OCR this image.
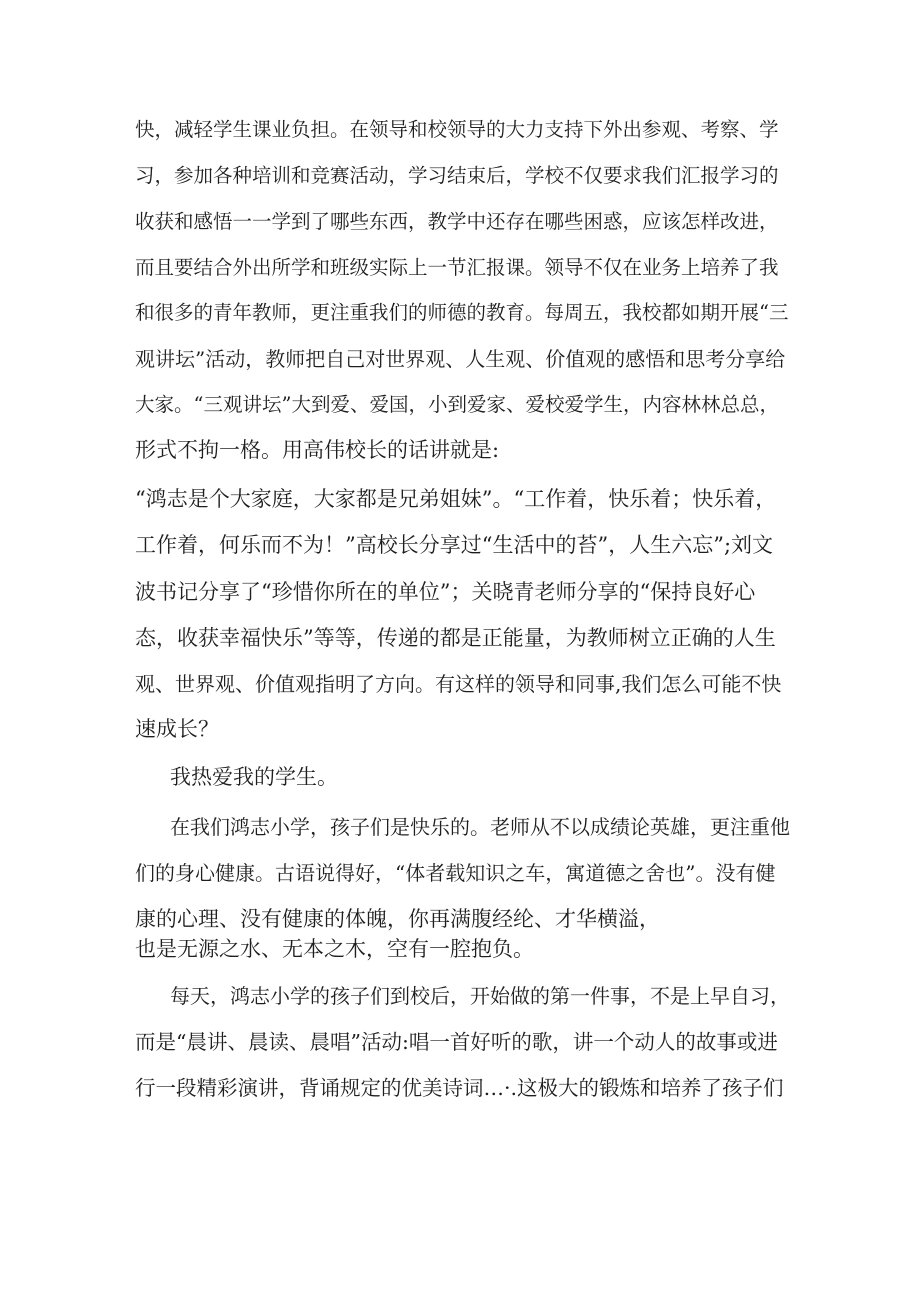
快，减轻学生课业负担。在领导和校领导的大力支持下外出参观、考察、学

习，参加各种培训和竞赛活动，学习结束后，学校不仅要求我们汇报学习的

收获和感悟一一学到了哪些东西，教学中还存在哪些困惑，应该怎样改进，

而且要结合外出所学和班级实际上一节汇报课。领导不仅在业务上培养了我

和很多的青年教师，更注重我们的师德的教育。每周五，我校都如期开展“三

观讲坛”活动，教师把自己对世界观、人生观、价值观的感悟和思考分享给

大家。“三观讲坛”大到爱、爱国，小到爱家、爱校爱学生，内容林林总总，

形式不拘一格。用高伟校长的话讲就是:

“鸿志是个大家庭，大家都是兄弟姐妹”。“工作着，快乐着；快乐着，

工作着，何乐而不为！”高校长分享过“生活中的苔”，人生六忘”;刘文

波书记分享了“珍惜你所在的单位”；关晓青老师分享的“保持良好心

态，收获幸福快乐”等等，传递的都是正能量，为教师树立正确的人生

观、世界观、价值观指明了方向。有这样的领导和同事,我们怎么可能不快

速成长？

我热爱我的学生。

在我们鸿志小学，孩子们是快乐的。老师从不以成绩论英雄，更注重他

们的身心健康。古语说得好，“体者载知识之车，寓道德之舍也”。没有健

康的心理、没有健康的体魄，你再满腹经纶、才华横溢，

也是无源之水、无本之木，空有一腔抱负。

每天，鸿志小学的孩子们到校后，开始做的第一件事，不是上早自习，

而是“晨讲、晨读、晨唱”活动:唱一首好听的歌，讲一个动人的故事或进

行一段精彩演讲，背诵规定的优美诗词…·.这极大的锻炼和培养了孩子们
